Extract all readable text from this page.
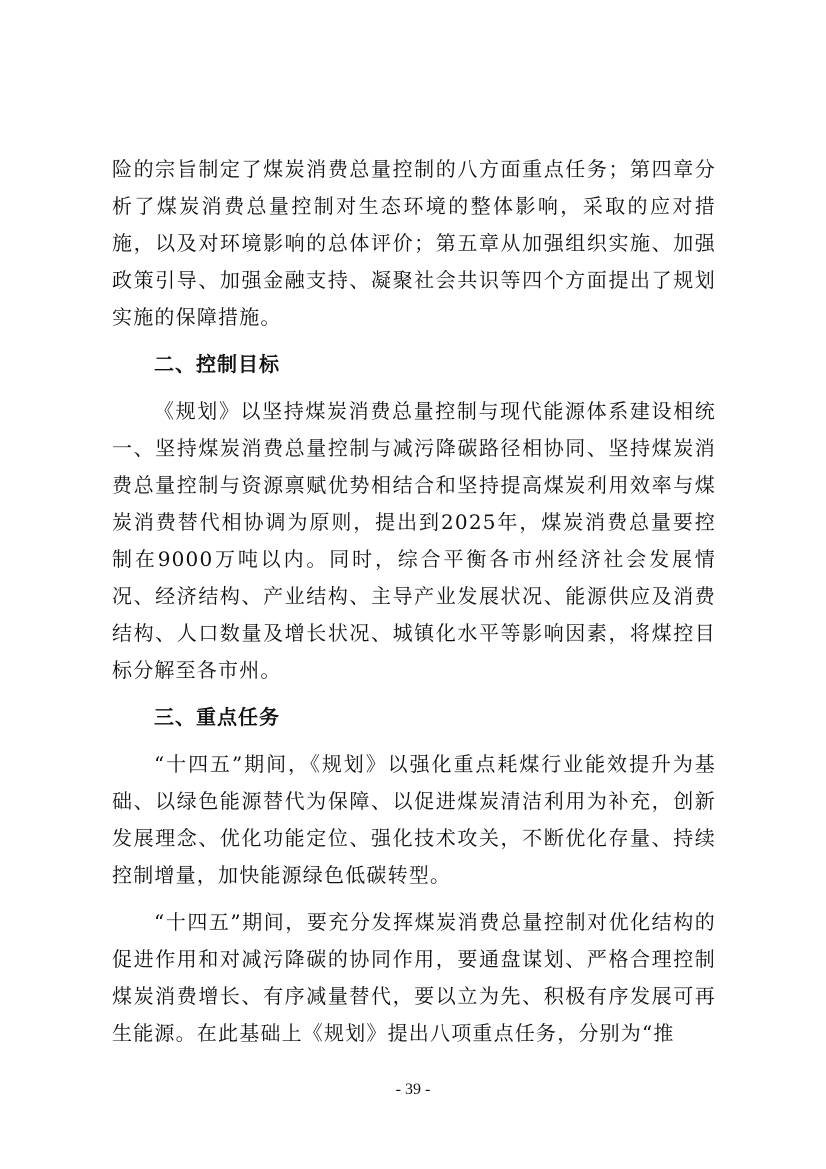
险的宗旨制定了煤炭消费总量控制的八方面重点任务；第四章分析了煤炭消费总量控制对生态环境的整体影响，采取的应对措施，以及对环境影响的总体评价；第五章从加强组织实施、加强政策引导、加强金融支持、凝聚社会共识等四个方面提出了规划实施的保障措施。

二、控制目标

《规划》以坚持煤炭消费总量控制与现代能源体系建设相统一、坚持煤炭消费总量控制与减污降碳路径相协同、坚持煤炭消费总量控制与资源禀赋优势相结合和坚持提高煤炭利用效率与煤炭消费替代相协调为原则，提出到2025年，煤炭消费总量要控制在9000万吨以内。同时，综合平衡各市州经济社会发展情况、经济结构、产业结构、主导产业发展状况、能源供应及消费结构、人口数量及增长状况、城镇化水平等影响因素，将煤控目标分解至各市州。

三、重点任务

“十四五”期间，《规划》以强化重点耗煤行业能效提升为基础、以绿色能源替代为保障、以促进煤炭清洁利用为补充，创新发展理念、优化功能定位、强化技术攻关，不断优化存量、持续控制增量，加快能源绿色低碳转型。

“十四五”期间，要充分发挥煤炭消费总量控制对优化结构的促进作用和对减污降碳的协同作用，要通盘谋划、严格合理控制煤炭消费增长、有序减量替代，要以立为先、积极有序发展可再生能源。在此基础上《规划》提出八项重点任务，分别为“推

- 39 -
